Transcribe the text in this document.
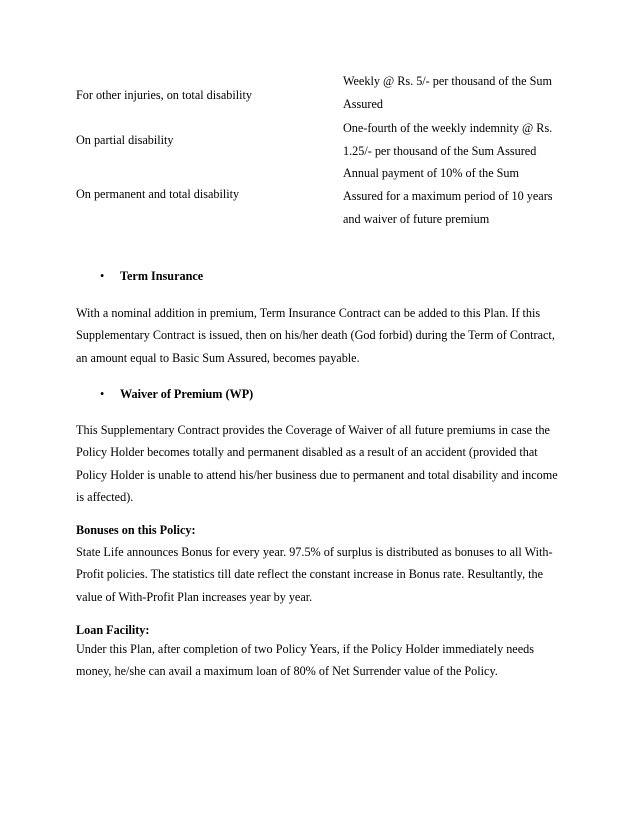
For other injuries, on total disability
Weekly @ Rs. 5/- per thousand of the Sum
Assured
On partial disability
One-fourth of the weekly indemnity @ Rs.
1.25/- per thousand of the Sum Assured
On permanent and total disability
Annual payment of 10% of the Sum
Assured for a maximum period of 10 years
and waiver of future premium
• Term Insurance
With a nominal addition in premium, Term Insurance Contract can be added to this Plan. If this
Supplementary Contract is issued, then on his/her death (God forbid) during the Term of Contract,
an amount equal to Basic Sum Assured, becomes payable.
• Waiver of Premium (WP)
This Supplementary Contract provides the Coverage of Waiver of all future premiums in case the
Policy Holder becomes totally and permanent disabled as a result of an accident (provided that
Policy Holder is unable to attend his/her business due to permanent and total disability and income
is affected).
Bonuses on this Policy:
State Life announces Bonus for every year. 97.5% of surplus is distributed as bonuses to all With-
Profit policies. The statistics till date reflect the constant increase in Bonus rate. Resultantly, the
value of With-Profit Plan increases year by year.
Loan Facility:
Under this Plan, after completion of two Policy Years, if the Policy Holder immediately needs
money, he/she can avail a maximum loan of 80% of Net Surrender value of the Policy.
